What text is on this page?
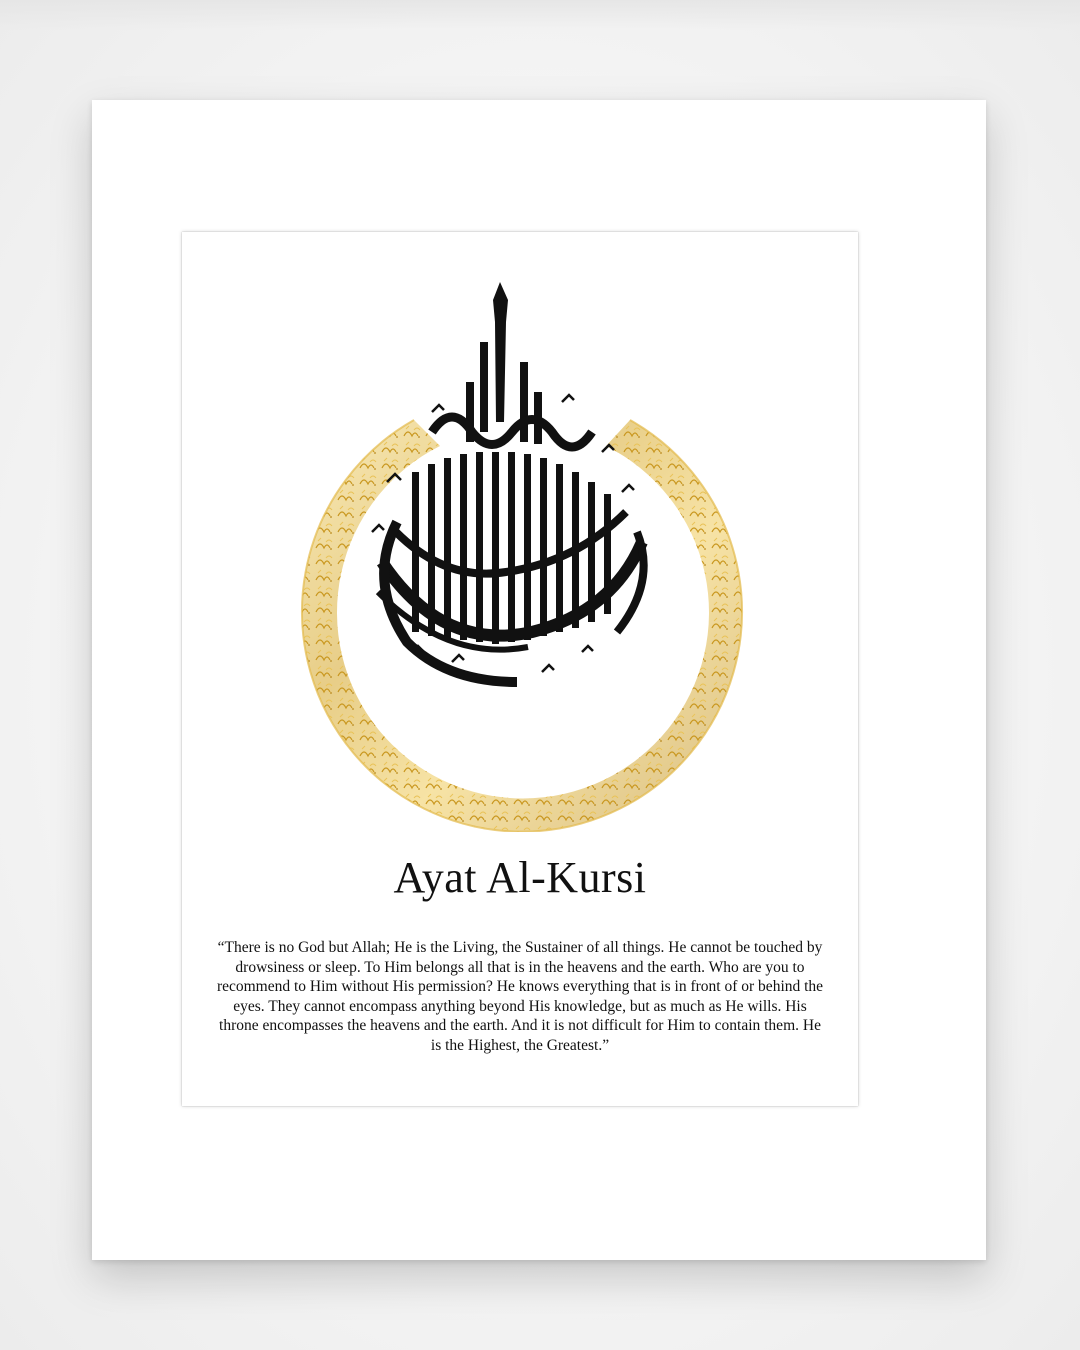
Ayat Al-Kursi
“There is no God but Allah; He is the Living, the Sustainer of all things. He cannot be touched by drowsiness or sleep. To Him belongs all that is in the heavens and the earth. Who are you to recommend to Him without His permission? He knows everything that is in front of or behind the eyes. They cannot encompass anything beyond His knowledge, but as much as He wills. His throne encompasses the heavens and the earth. And it is not difficult for Him to contain them. He is the Highest, the Greatest.”
